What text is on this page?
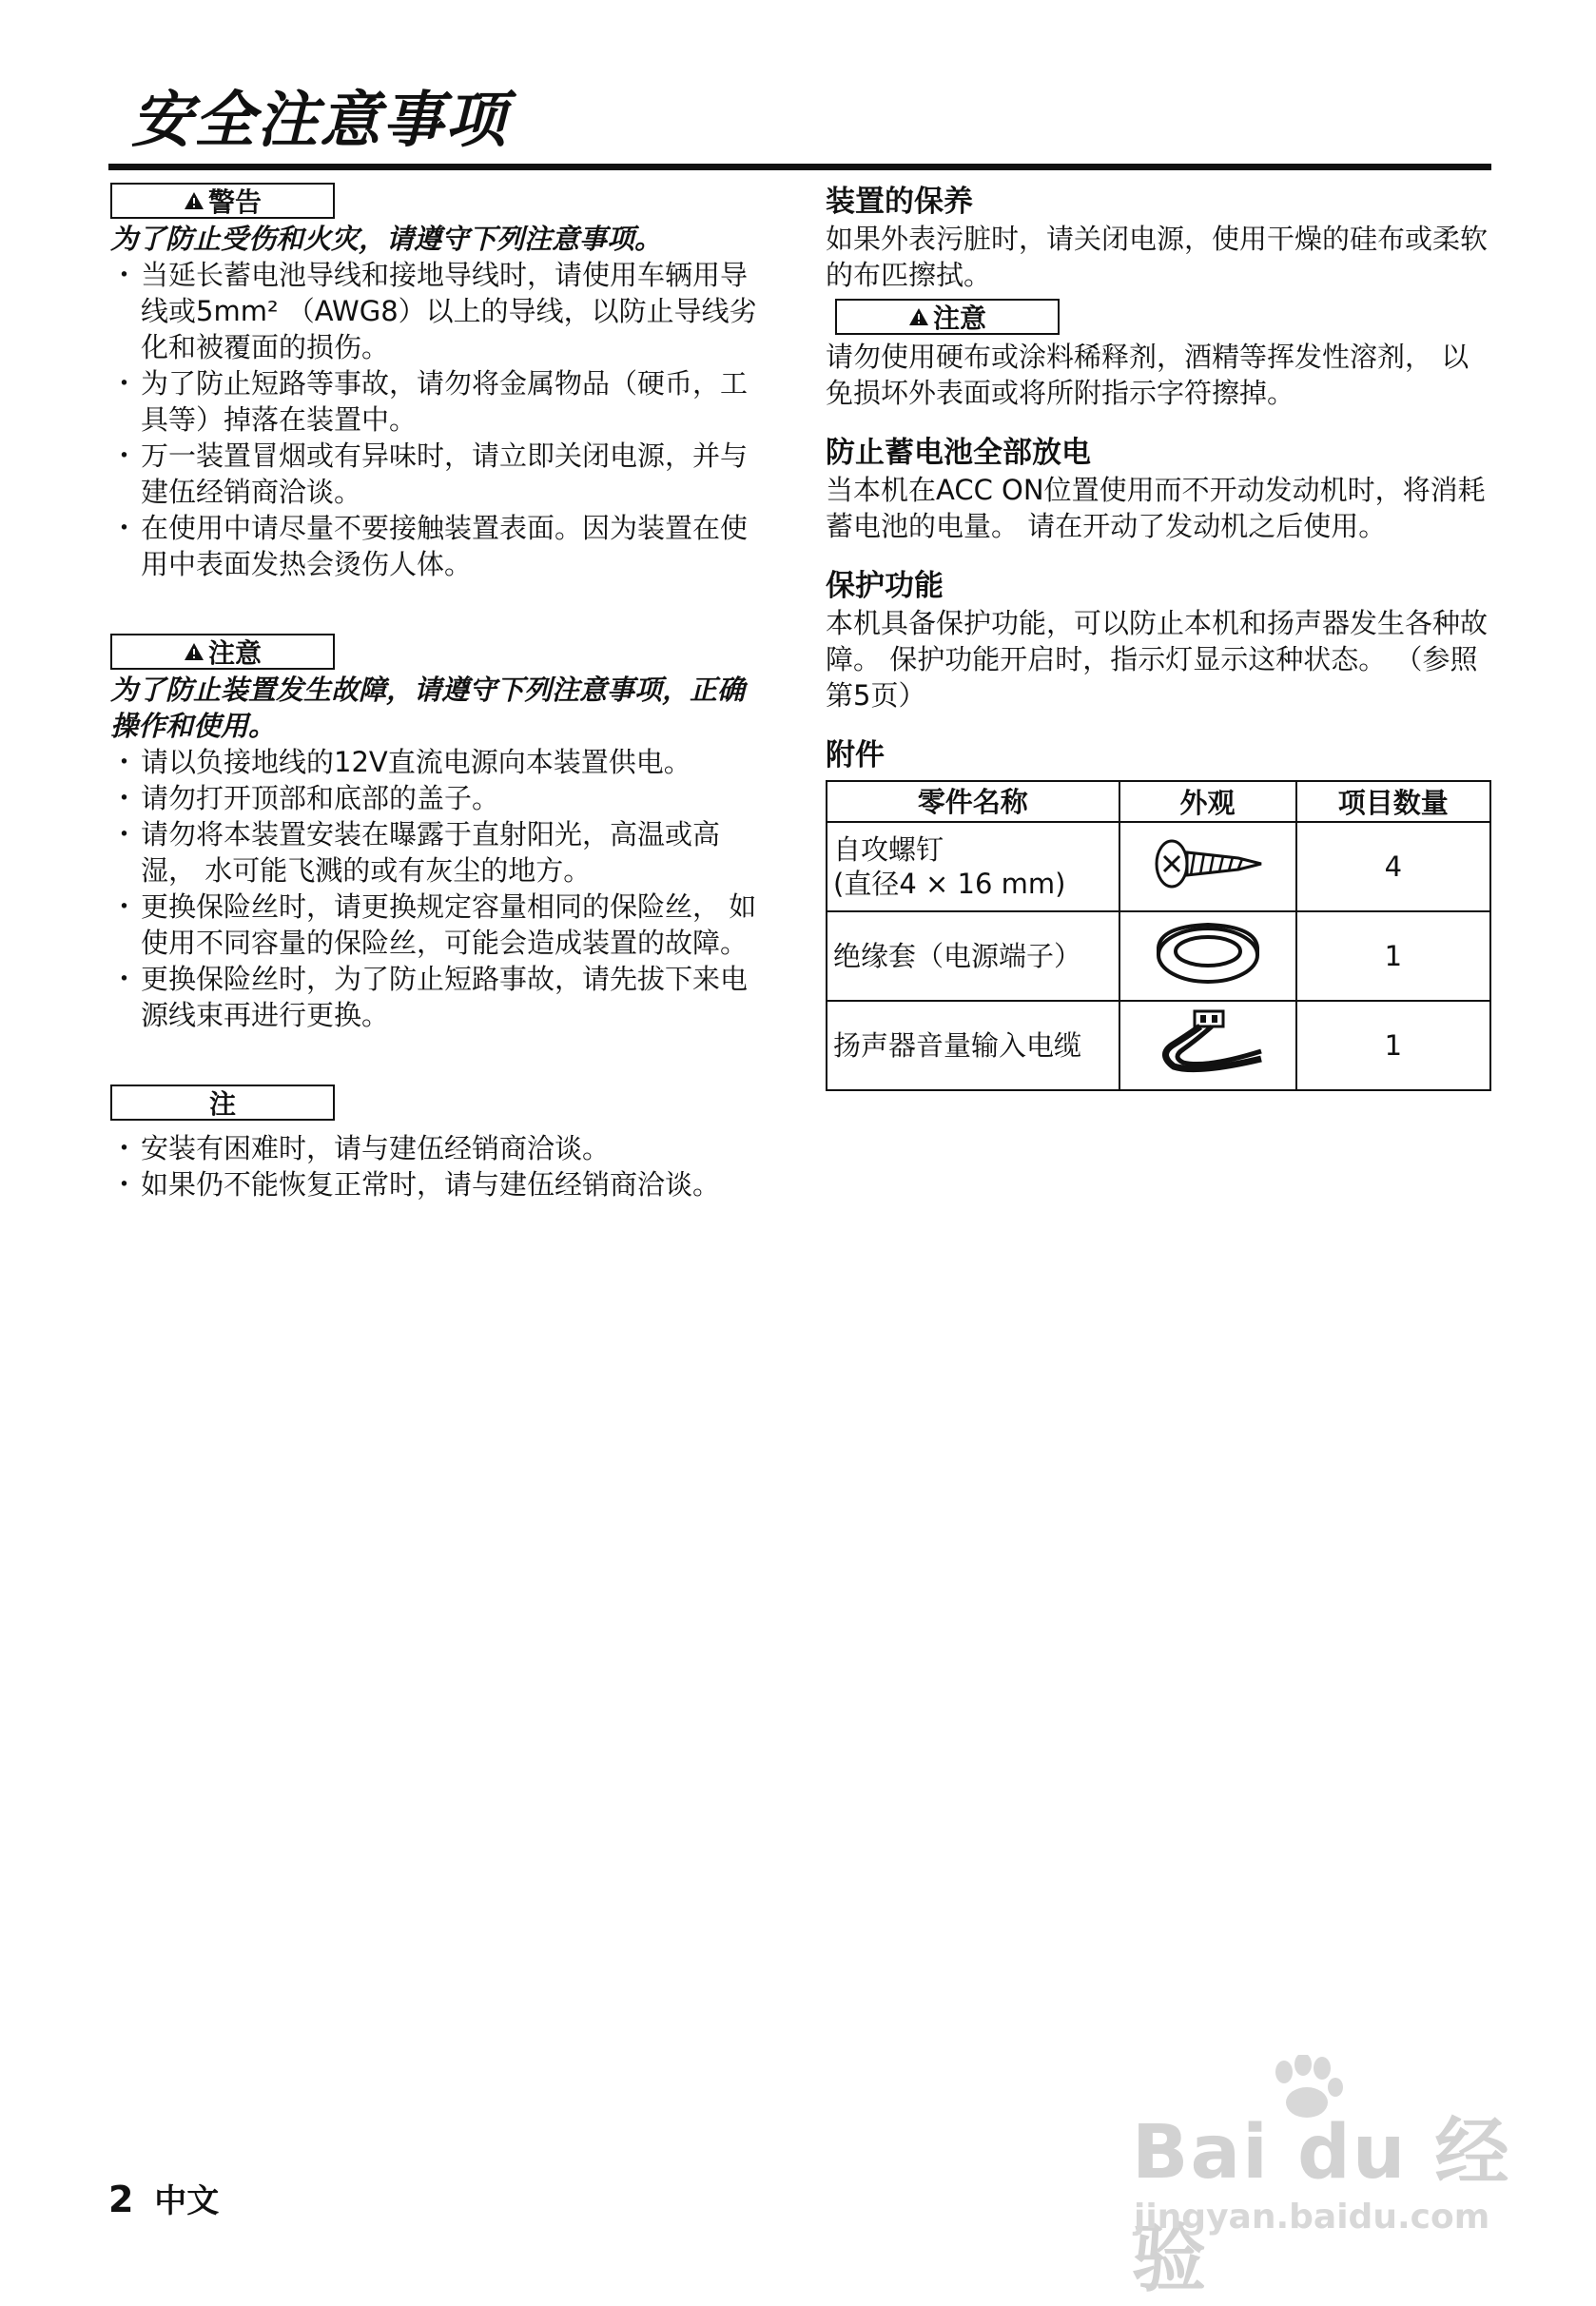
安全注意事项
警告

为了防止受伤和火灾，请遵守下列注意事项。

・ 当延长蓄电池导线和接地导线时，请使用车辆用导线或5mm² （AWG8）以上的导线，以防止导线劣化和被覆面的损伤。
・ 为了防止短路等事故，请勿将金属物品（硬币，工具等）掉落在装置中。
・ 万一装置冒烟或有异味时，请立即关闭电源，并与建伍经销商洽谈。
・ 在使用中请尽量不要接触装置表面。因为装置在使用中表面发热会烫伤人体。
注意

为了防止装置发生故障，请遵守下列注意事项，正确操作和使用。

・ 请以负接地线的12V直流电源向本装置供电。
・ 请勿打开顶部和底部的盖子。
・ 请勿将本装置安装在曝露于直射阳光，高温或高湿， 水可能飞溅的或有灰尘的地方。
・ 更换保险丝时，请更换规定容量相同的保险丝， 如使用不同容量的保险丝，可能会造成装置的故障。
・ 更换保险丝时，为了防止短路事故，请先拔下来电源线束再进行更换。
注
・ 安装有困难时，请与建伍经销商洽谈。
・ 如果仍不能恢复正常时，请与建伍经销商洽谈。

装置的保养

如果外表污脏时，请关闭电源，使用干燥的硅布或柔软的布匹擦拭。

注意

请勿使用硬布或涂料稀释剂，酒精等挥发性溶剂， 以免损坏外表面或将所附指示字符擦掉。

防止蓄电池全部放电

当本机在ACC ON位置使用而不开动发动机时，将消耗蓄电池的电量。 请在开动了发动机之后使用。

保护功能

本机具备保护功能，可以防止本机和扬声器发生各种故障。 保护功能开启时，指示灯显示这种状态。 （参照第5页）

附件

零件名称	外观	项目数量

自攻螺钉
(直径4 × 16 mm)		4

绝缘套（电源端子）		1

扬声器音量输入电缆		1
2 中文
Bai du 经验
jingyan.baidu.com
